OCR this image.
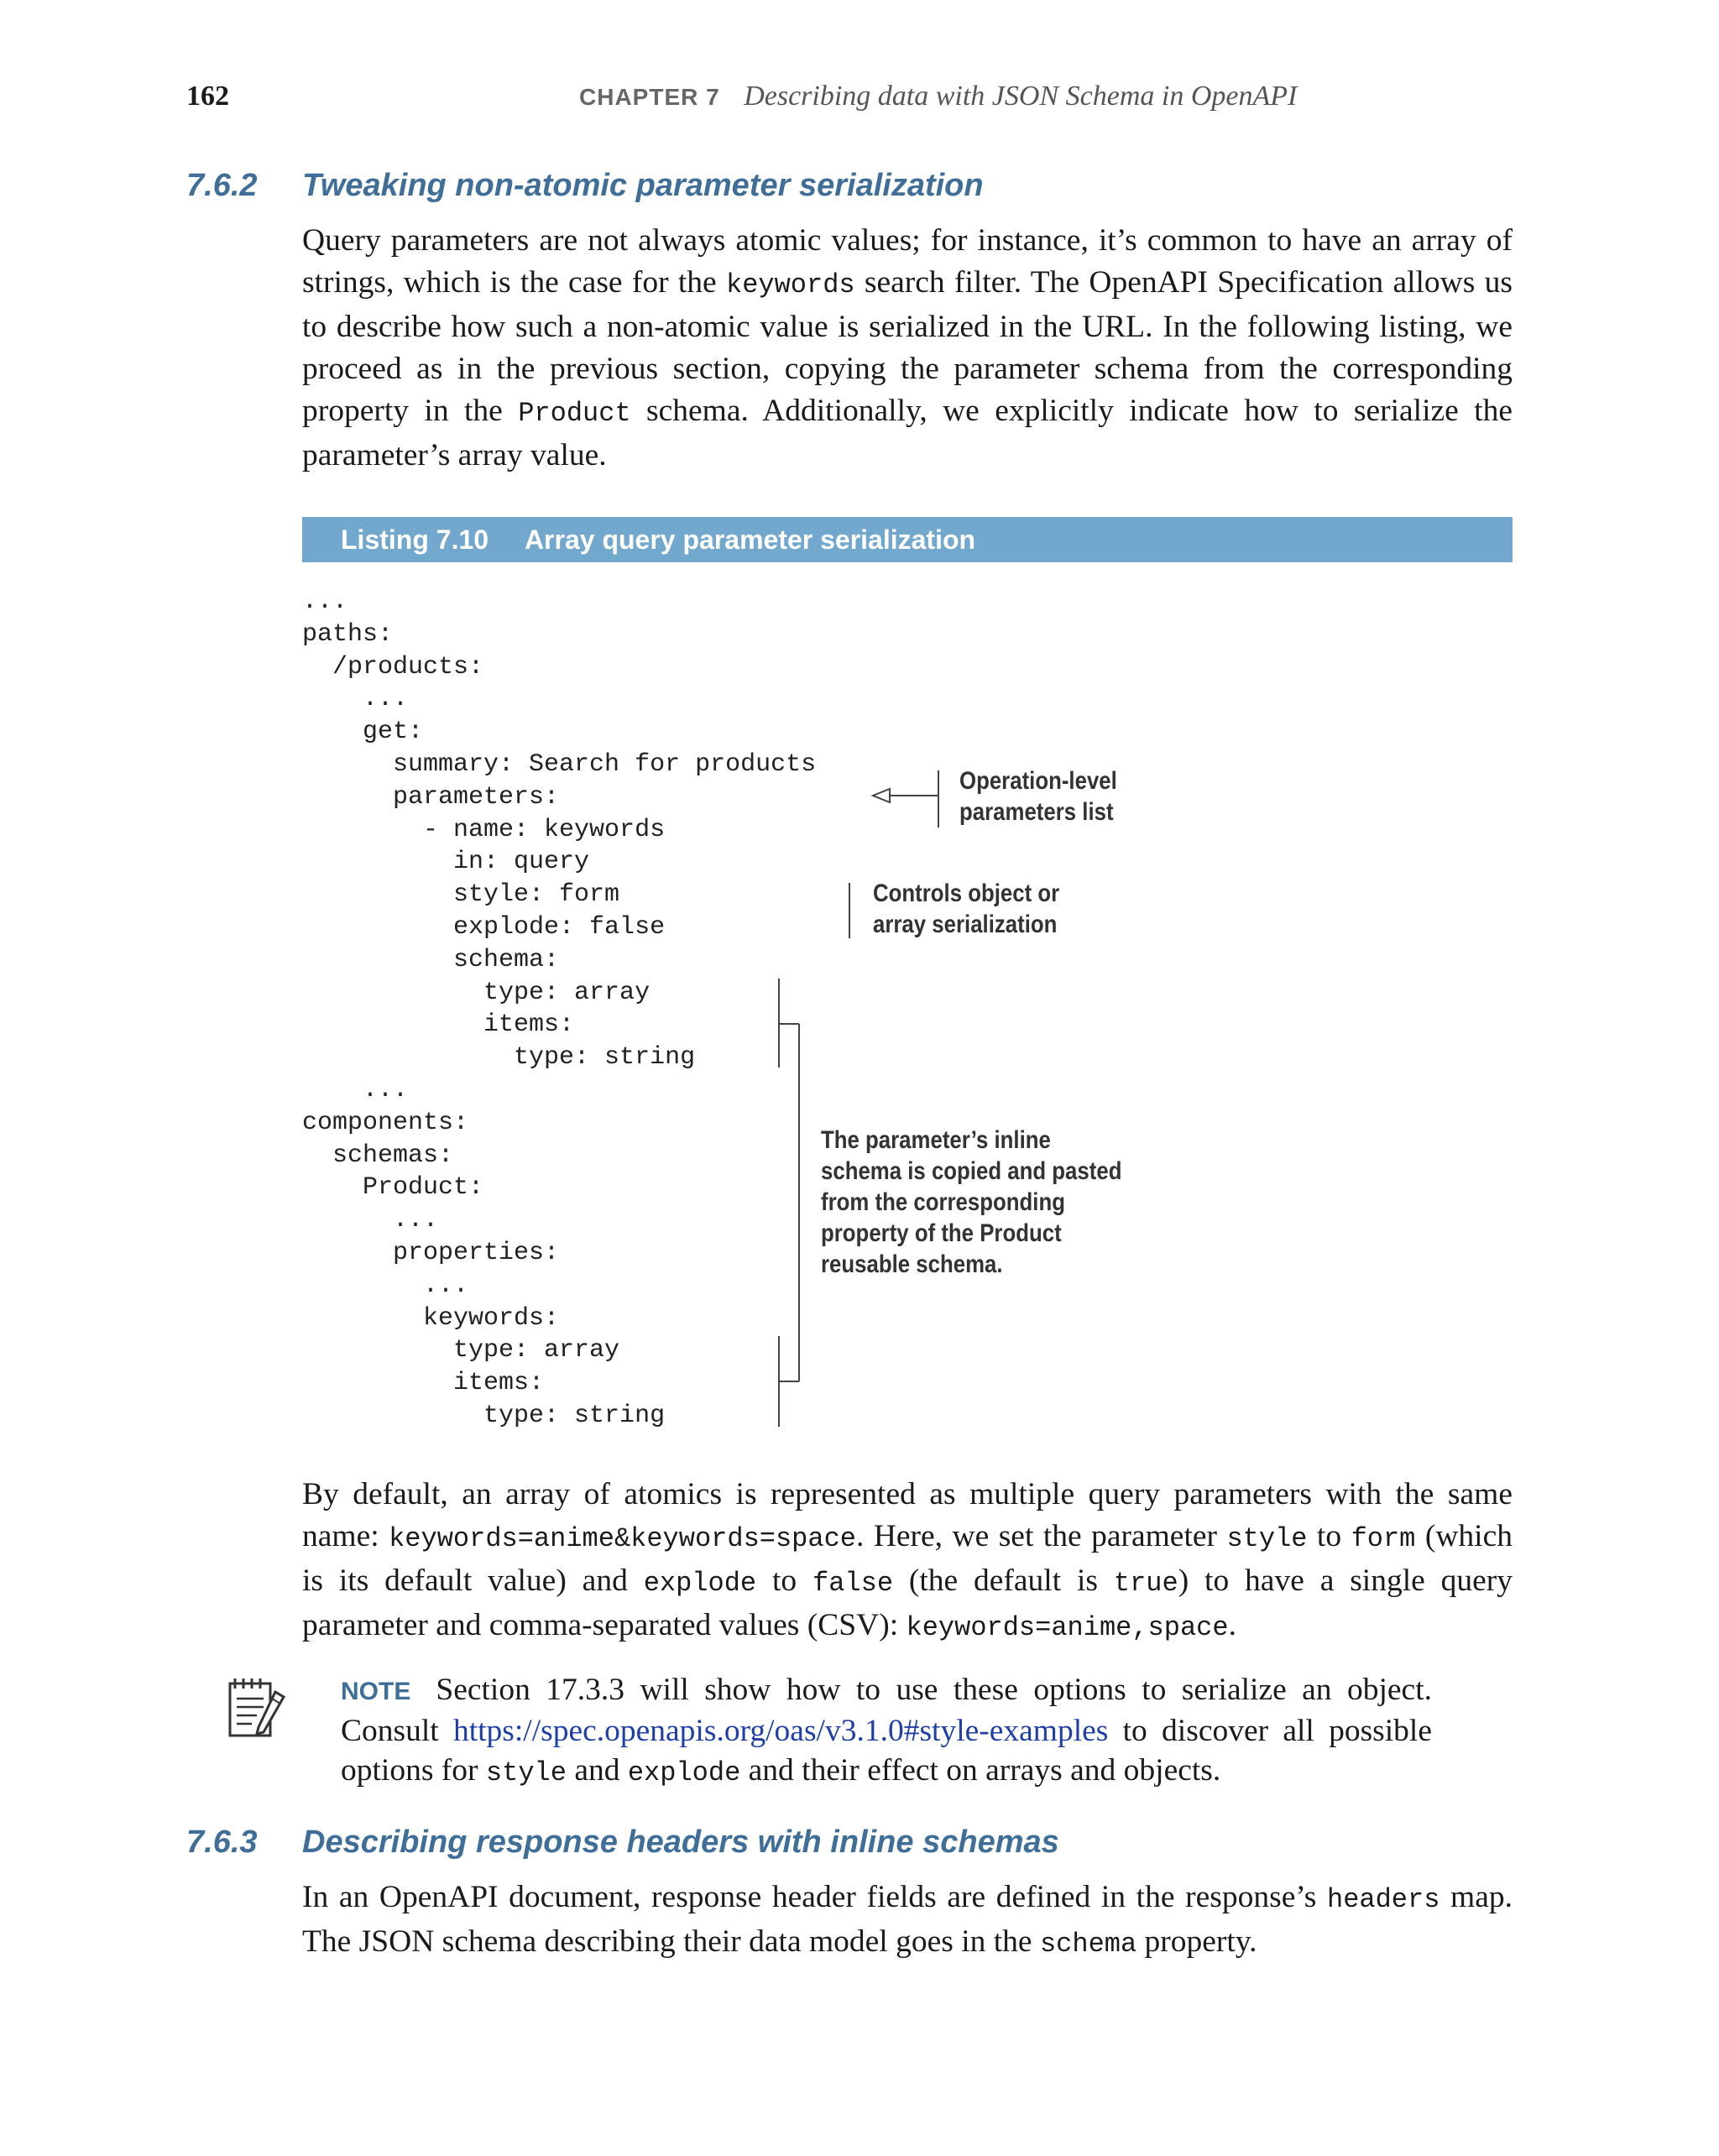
162	CHAPTER 7 Describing data with JSON Schema in OpenAPI
7.6.2 Tweaking non-atomic parameter serialization
Query parameters are not always atomic values; for instance, it’s common to have an array of strings, which is the case for the keywords search filter. The OpenAPI Specification allows us to describe how such a non-atomic value is serialized in the URL. In the following listing, we proceed as in the previous section, copying the parameter schema from the corresponding property in the Product schema. Additionally, we explicitly indicate how to serialize the parameter’s array value.
Listing 7.10 Array query parameter serialization
...
paths:
/products:
...
get:
summary: Search for products
parameters:
- name: keywords
in: query
style: form
explode: false
schema:
type: array
items:
type: string
...
components:
schemas:
Product:
...
properties:
...
keywords:
type: array
items:
type: string
Operation-level
parameters list
Controls object or
array serialization
The parameter’s inline
schema is copied and pasted
from the corresponding
property of the Product
reusable schema.
By default, an array of atomics is represented as multiple query parameters with the same name: keywords=anime&keywords=space. Here, we set the parameter style to form (which is its default value) and explode to false (the default is true) to have a single query parameter and comma-separated values (CSV): keywords=anime,space.
NOTE Section 17.3.3 will show how to use these options to serialize an object. Consult https://spec.openapis.org/oas/v3.1.0#style-examples to discover all possible options for style and explode and their effect on arrays and objects.
7.6.3 Describing response headers with inline schemas
In an OpenAPI document, response header fields are defined in the response’s headers map. The JSON schema describing their data model goes in the schema property.
